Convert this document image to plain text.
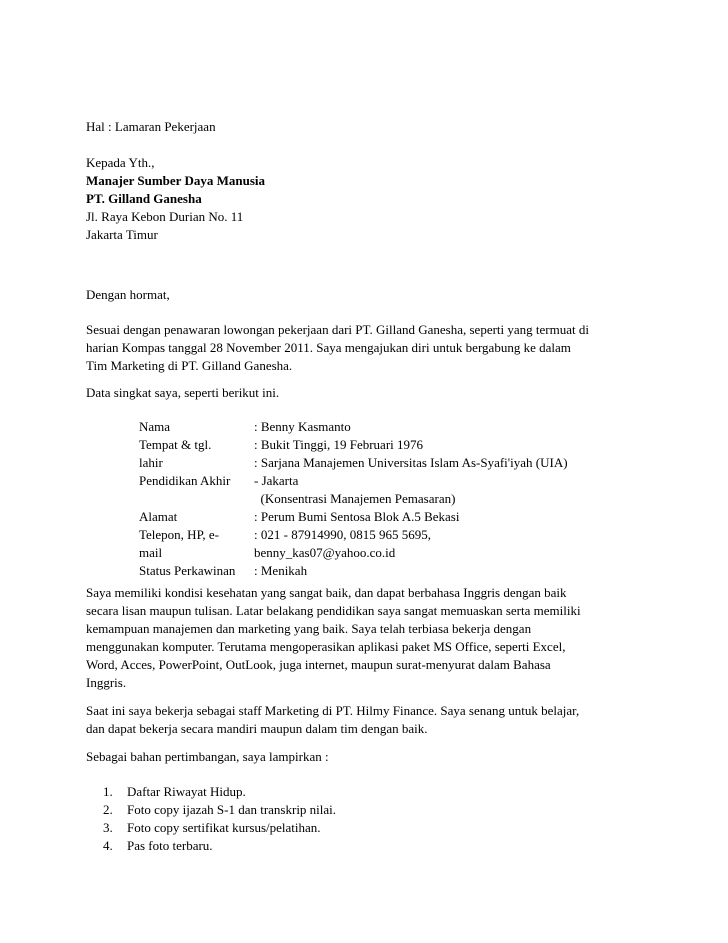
Hal : Lamaran Pekerjaan

Kepada Yth.,
Manajer Sumber Daya Manusia
PT. Gilland Ganesha
Jl. Raya Kebon Durian No. 11
Jakarta Timur

Dengan hormat,

Sesuai dengan penawaran lowongan pekerjaan dari PT. Gilland Ganesha, seperti yang termuat di
harian Kompas tanggal 28 November 2011. Saya mengajukan diri untuk bergabung ke dalam
Tim Marketing di PT. Gilland Ganesha.

Data singkat saya, seperti berikut ini.

Nama	: Benny Kasmanto
Tempat & tgl.	: Bukit Tinggi, 19 Februari 1976
lahir	: Sarjana Manajemen Universitas Islam As-Syafi'iyah (UIA)
Pendidikan Akhir - Jakarta
(Konsentrasi Manajemen Pemasaran)
Alamat	: Perum Bumi Sentosa Blok A.5 Bekasi
Telepon, HP, e-	: 021 - 87914990, 0815 965 5695,
mail	benny_kas07@yahoo.co.id
Status Perkawinan : Menikah

Saya memiliki kondisi kesehatan yang sangat baik, dan dapat berbahasa Inggris dengan baik
secara lisan maupun tulisan. Latar belakang pendidikan saya sangat memuaskan serta memiliki
kemampuan manajemen dan marketing yang baik. Saya telah terbiasa bekerja dengan
menggunakan komputer. Terutama mengoperasikan aplikasi paket MS Office, seperti Excel,
Word, Acces, PowerPoint, OutLook, juga internet, maupun surat-menyurat dalam Bahasa
Inggris.

Saat ini saya bekerja sebagai staff Marketing di PT. Hilmy Finance. Saya senang untuk belajar,
dan dapat bekerja secara mandiri maupun dalam tim dengan baik.

Sebagai bahan pertimbangan, saya lampirkan :

1. Daftar Riwayat Hidup.
2. Foto copy ijazah S-1 dan transkrip nilai.
3. Foto copy sertifikat kursus/pelatihan.
4. Pas foto terbaru.
